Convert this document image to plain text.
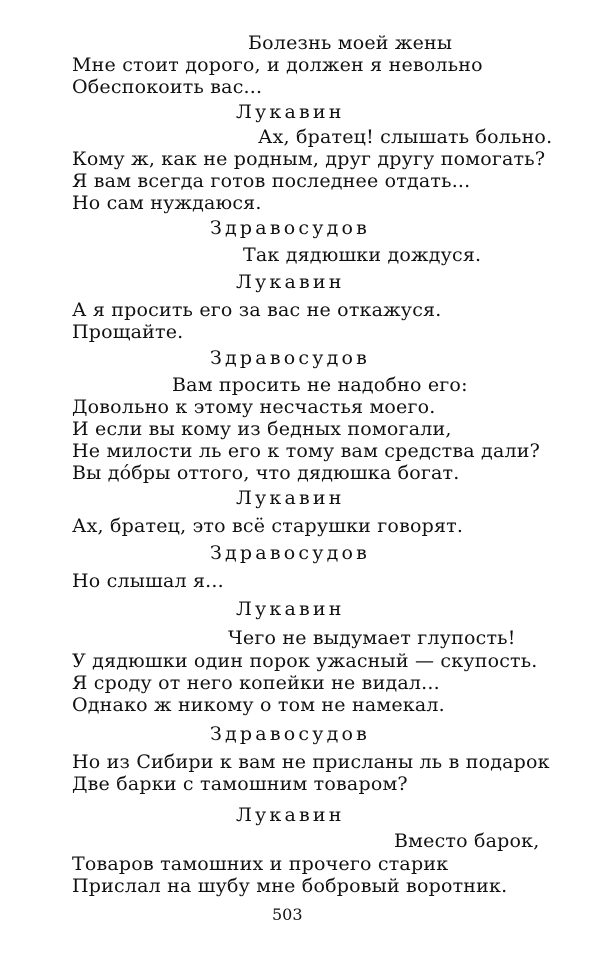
Болезнь моей жены
Мне стоит дорого, и должен я невольно
Обеспокоить вас...
Лукавин
Ах, братец! слышать больно.
Кому ж, как не родным, друг другу помогать?
Я вам всегда готов последнее отдать...
Но сам нуждаюся.
Здравосудов
Так дядюшки дождуся.
Лукавин
А я просить его за вас не откажуся.
Прощайте.
Здравосудов
Вам просить не надобно его:
Довольно к этому несчастья моего.
И если вы кому из бедных помогали,
Не милости ль его к тому вам средства дали?
Вы дóбры оттого, что дядюшка богат.
Лукавин
Ах, братец, это всё старушки говорят.
Здравосудов
Но слышал я...
Лукавин
Чего не выдумает глупость!
У дядюшки один порок ужасный — скупость.
Я сроду от него копейки не видал...
Однако ж никому о том не намекал.
Здравосудов
Но из Сибири к вам не присланы ль в подарок
Две барки с тамошним товаром?
Лукавин
Вместо барок,
Товаров тамошних и прочего старик
Прислал на шубу мне бобровый воротник.
503
